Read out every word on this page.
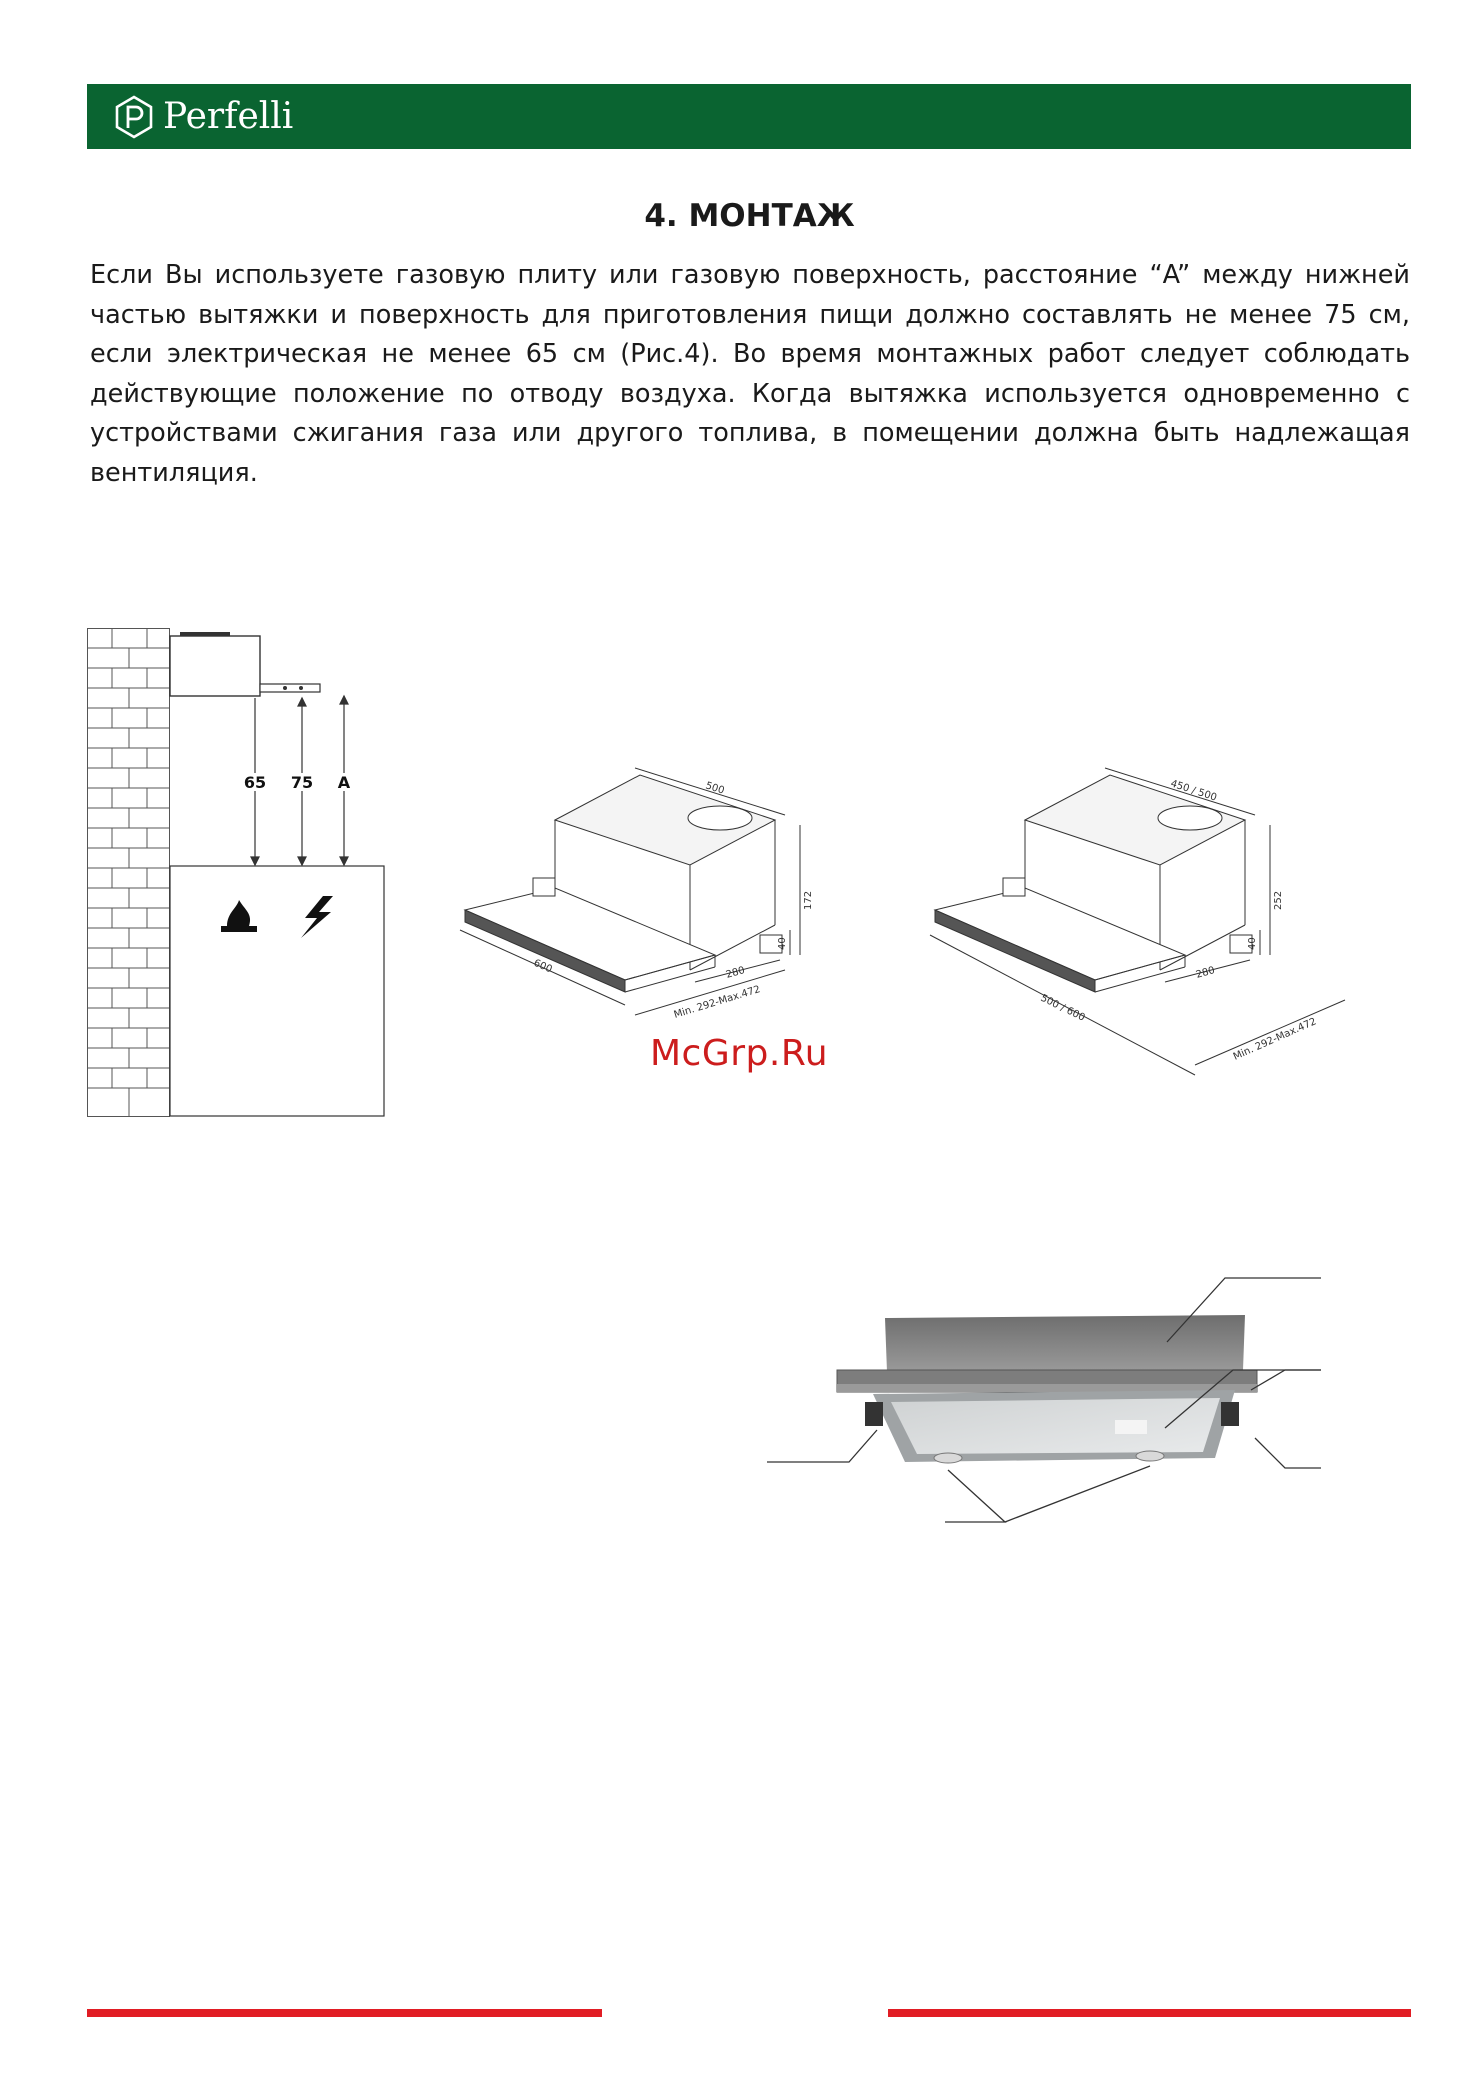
Perfelli
4. МОНТАЖ

Если Вы используете газовую плиту или газовую поверхность, расстояние “A” между нижней частью вытяжки и поверхность для приготовления пищи должно составлять не менее 75 см, если электрическая не менее 65 см (Рис.4). Во время монтажных работ следует соблюдать действующие положение по отводу воздуха. Когда вытяжка используется одновременно с устройствами сжигания газа или другого топлива, в помещении должна быть надлежащая вентиляция.

65 75 A	500
172
40
280
600
Min. 292-Max.472
450 / 500
252
40
280
500 / 600
Min. 292-Max.472
McGrp.Ru
